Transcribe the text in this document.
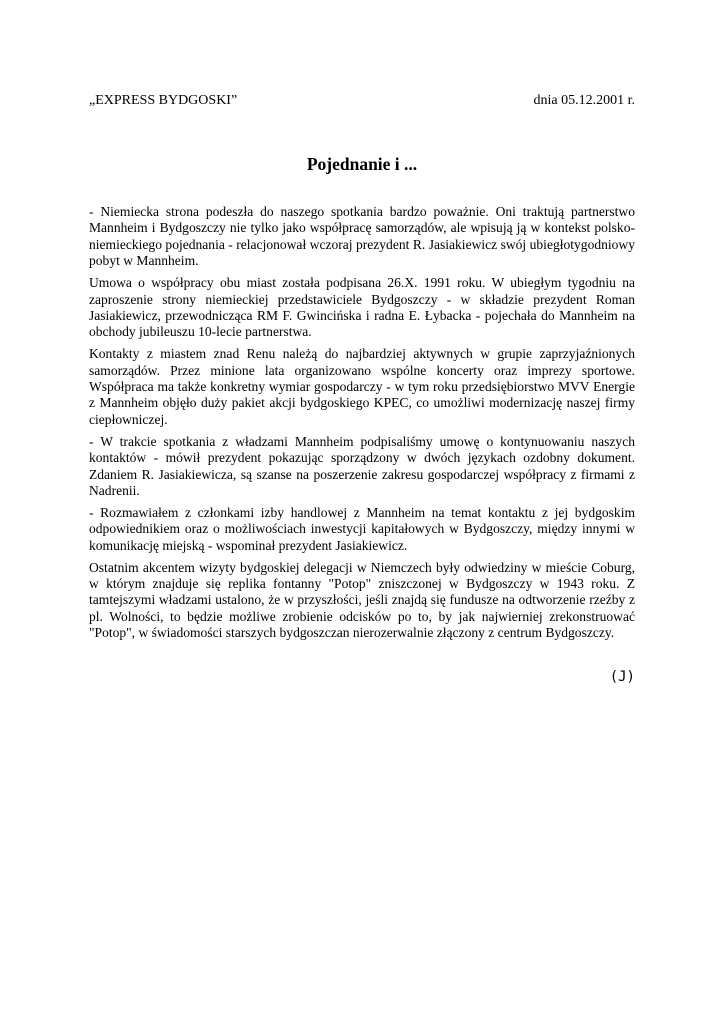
„EXPRESS BYDGOSKI”	dnia 05.12.2001 r.
Pojednanie i ...

- Niemiecka strona podeszła do naszego spotkania bardzo poważnie. Oni traktują partnerstwo Mannheim i Bydgoszczy nie tylko jako współpracę samorządów, ale wpisują ją w kontekst polsko-niemieckiego pojednania - relacjonował wczoraj prezydent R. Jasiakiewicz swój ubiegłotygodniowy pobyt w Mannheim.

Umowa o współpracy obu miast została podpisana 26.X. 1991 roku. W ubiegłym tygodniu na zaproszenie strony niemieckiej przedstawiciele Bydgoszczy - w składzie prezydent Roman Jasiakiewicz, przewodnicząca RM F. Gwincińska i radna E. Łybacka - pojechała do Mannheim na obchody jubileuszu 10-lecie partnerstwa.

Kontakty z miastem znad Renu należą do najbardziej aktywnych w grupie zaprzyjaźnionych samorządów. Przez minione lata organizowano wspólne koncerty oraz imprezy sportowe. Współpraca ma także konkretny wymiar gospodarczy - w tym roku przedsiębiorstwo MVV Energie z Mannheim objęło duży pakiet akcji bydgoskiego KPEC, co umożliwi modernizację naszej firmy ciepłowniczej.

- W trakcie spotkania z władzami Mannheim podpisaliśmy umowę o kontynuowaniu naszych kontaktów - mówił prezydent pokazując sporządzony w dwóch językach ozdobny dokument. Zdaniem R. Jasiakiewicza, są szanse na poszerzenie zakresu gospodarczej współpracy z firmami z Nadrenii.

- Rozmawiałem z członkami izby handlowej z Mannheim na temat kontaktu z jej bydgoskim odpowiednikiem oraz o możliwościach inwestycji kapitałowych w Bydgoszczy, między innymi w komunikację miejską - wspominał prezydent Jasiakiewicz.

Ostatnim akcentem wizyty bydgoskiej delegacji w Niemczech były odwiedziny w mieście Coburg, w którym znajduje się replika fontanny "Potop" zniszczonej w Bydgoszczy w 1943 roku. Z tamtejszymi władzami ustalono, że w przyszłości, jeśli znajdą się fundusze na odtworzenie rzeźby z pl. Wolności, to będzie możliwe zrobienie odcisków po to, by jak najwierniej zrekonstruować "Potop", w świadomości starszych bydgoszczan nierozerwalnie złączony z centrum Bydgoszczy.

(J)
